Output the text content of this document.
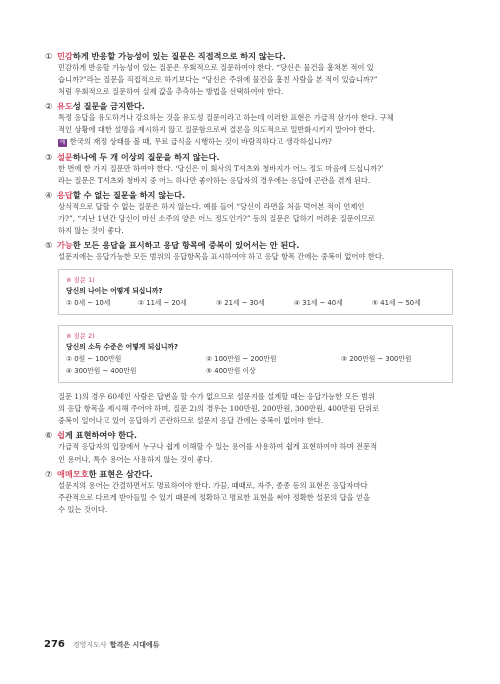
① 민감 하게 반응할 가능성이 있는 질문은 직접적으로 하지 않는다.

민감하게 반응할 가능성이 있는 질문은 우회적으로 질문하여야 한다. “당신은 물건을 훔쳐본 적이 있

습니까?”라는 질문을 직접적으로 하기보다는 “당신은 주위에 물건을 훔친 사람을 본 적이 있습니까?”

처럼 우회적으로 질문하여 실제 값을 추측하는 방법을 선택하여야 한다.

② 유도 성 질문을 금지한다.

특정 응답을 유도하거나 강요하는 것을 유도성 질문이라고 하는데 이러한 표현은 가급적 삼가야 한다. 구체

적인 상황에 대한 설명을 제시하지 않고 질문함으로써 결론을 의도적으로 일반화시키지 말아야 한다.

예 한국의 재정 상태를 볼 때, 무료 급식을 시행하는 것이 바람직하다고 생각하십니까?

③ 설문 하나에 두 개 이상의 질문을 하지 않는다.

한 번에 한 가지 질문만 하여야 한다. ‘당신은 이 회사의 T셔츠와 청바지가 어느 정도 마음에 드십니까?’

라는 질문은 T셔츠와 청바지 중 어느 하나만 좋아하는 응답자의 경우에는 응답에 곤란을 겪게 된다.

④ 응답 할 수 없는 질문을 하지 않는다.

상식적으로 답할 수 없는 질문은 하지 않는다. 예를 들어 “당신이 라면을 처음 먹어본 적이 언제인

가?”, “지난 1년간 당신이 마신 소주의 양은 어느 정도인가?” 등의 질문은 답하기 어려운 질문이므로

하지 않는 것이 좋다.

⑤ 가능 한 모든 응답을 표시하고 응답 항목에 중복이 있어서는 안 된다.

설문지에는 응답가능한 모든 범위의 응답항목을 표시하여야 하고 응답 항목 간에는 중복이 없어야 한다.

※ 질문 1)
당신의 나이는 어떻게 되십니까?
① 0세 ~ 10세	② 11세 ~ 20세	③ 21세 ~ 30세	④ 31세 ~ 40세	⑤ 41세 ~ 50세
※ 질문 2)
당신의 소득 수준은 어떻게 되십니까?
① 0원 ~ 100만원	② 100만원 ~ 200만원	③ 200만원 ~ 300만원
④ 300만원 ~ 400만원	⑤ 400만원 이상

질문 1)의 경우 60세인 사람은 답변을 할 수가 없으므로 설문지를 설계할 때는 응답가능한 모든 범위

의 응답 항목을 제시해 주어야 하며, 질문 2)의 경우는 100만원, 200만원, 300만원, 400만원 단위로

중복이 일어나고 있어 응답하기 곤란하므로 설문지 응답 간에는 중복이 없어야 한다.

⑥ 쉽 게 표현하여야 한다.

가급적 응답자의 입장에서 누구나 쉽게 이해할 수 있는 용어를 사용하여 쉽게 표현하여야 하며 전문적

인 용어나, 특수 용어는 사용하지 않는 것이 좋다.

⑦ 애매모호 한 표현은 삼간다.

설문지의 용어는 간결하면서도 명료하여야 한다. 가끔, 때때로, 자주, 종종 등의 표현은 응답자마다

주관적으로 다르게 받아들일 수 있기 때문에 정확하고 명료한 표현을 써야 정확한 설문의 답을 얻을

수 있는 것이다.

276 경영지도사 합격은 시대에듀
